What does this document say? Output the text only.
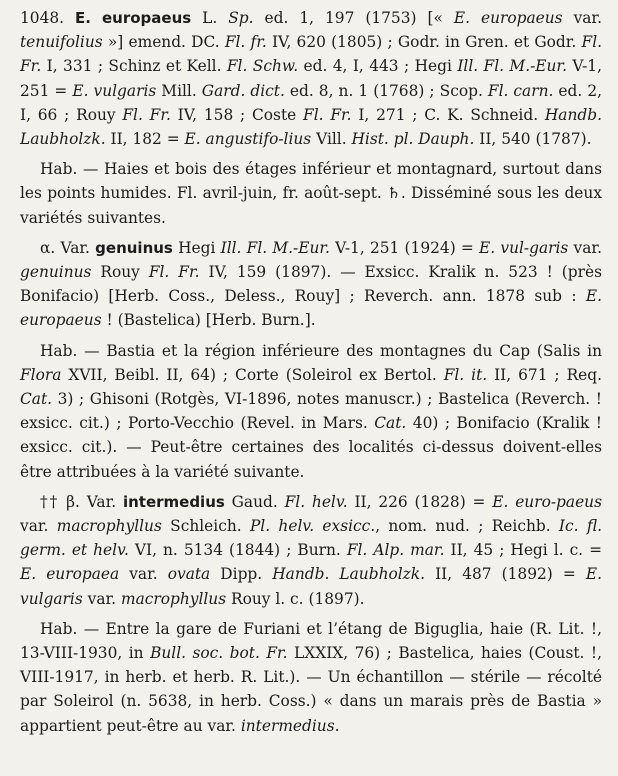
1048. E. europaeus L. Sp. ed. 1, 197 (1753) [« E. europaeus var. tenuifolius »] emend. DC. Fl. fr. IV, 620 (1805) ; Godr. in Gren. et Godr. Fl. Fr. I, 331 ; Schinz et Kell. Fl. Schw. ed. 4, I, 443 ; Hegi Ill. Fl. M.-Eur. V-1, 251 = E. vulgaris Mill. Gard. dict. ed. 8, n. 1 (1768) ; Scop. Fl. carn. ed. 2, I, 66 ; Rouy Fl. Fr. IV, 158 ; Coste Fl. Fr. I, 271 ; C. K. Schneid. Handb. Laubholzk. II, 182 = E. angustifo-lius Vill. Hist. pl. Dauph. II, 540 (1787).

Hab. — Haies et bois des étages inférieur et montagnard, surtout dans les points humides. Fl. avril-juin, fr. août-sept. ♄. Disséminé sous les deux variétés suivantes.

α. Var. genuinus Hegi Ill. Fl. M.-Eur. V-1, 251 (1924) = E. vul-garis var. genuinus Rouy Fl. Fr. IV, 159 (1897). — Exsicc. Kralik n. 523 ! (près Bonifacio) [Herb. Coss., Deless., Rouy] ; Reverch. ann. 1878 sub : E. europaeus ! (Bastelica) [Herb. Burn.].

Hab. — Bastia et la région inférieure des montagnes du Cap (Salis in Flora XVII, Beibl. II, 64) ; Corte (Soleirol ex Bertol. Fl. it. II, 671 ; Req. Cat. 3) ; Ghisoni (Rotgès, VI-1896, notes manuscr.) ; Bastelica (Reverch. ! exsicc. cit.) ; Porto-Vecchio (Revel. in Mars. Cat. 40) ; Bonifacio (Kralik ! exsicc. cit.). — Peut-être certaines des localités ci-dessus doivent-elles être attribuées à la variété suivante.

†† β. Var. intermedius Gaud. Fl. helv. II, 226 (1828) = E. euro-paeus var. macrophyllus Schleich. Pl. helv. exsicc., nom. nud. ; Reichb. Ic. fl. germ. et helv. VI, n. 5134 (1844) ; Burn. Fl. Alp. mar. II, 45 ; Hegi l. c. = E. europaea var. ovata Dipp. Handb. Laubholzk. II, 487 (1892) = E. vulgaris var. macrophyllus Rouy l. c. (1897).

Hab. — Entre la gare de Furiani et l’étang de Biguglia, haie (R. Lit. !, 13-VIII-1930, in Bull. soc. bot. Fr. LXXIX, 76) ; Bastelica, haies (Coust. !, VIII-1917, in herb. et herb. R. Lit.). — Un échantillon — stérile — récolté par Soleirol (n. 5638, in herb. Coss.) « dans un marais près de Bastia » appartient peut-être au var. intermedius.
